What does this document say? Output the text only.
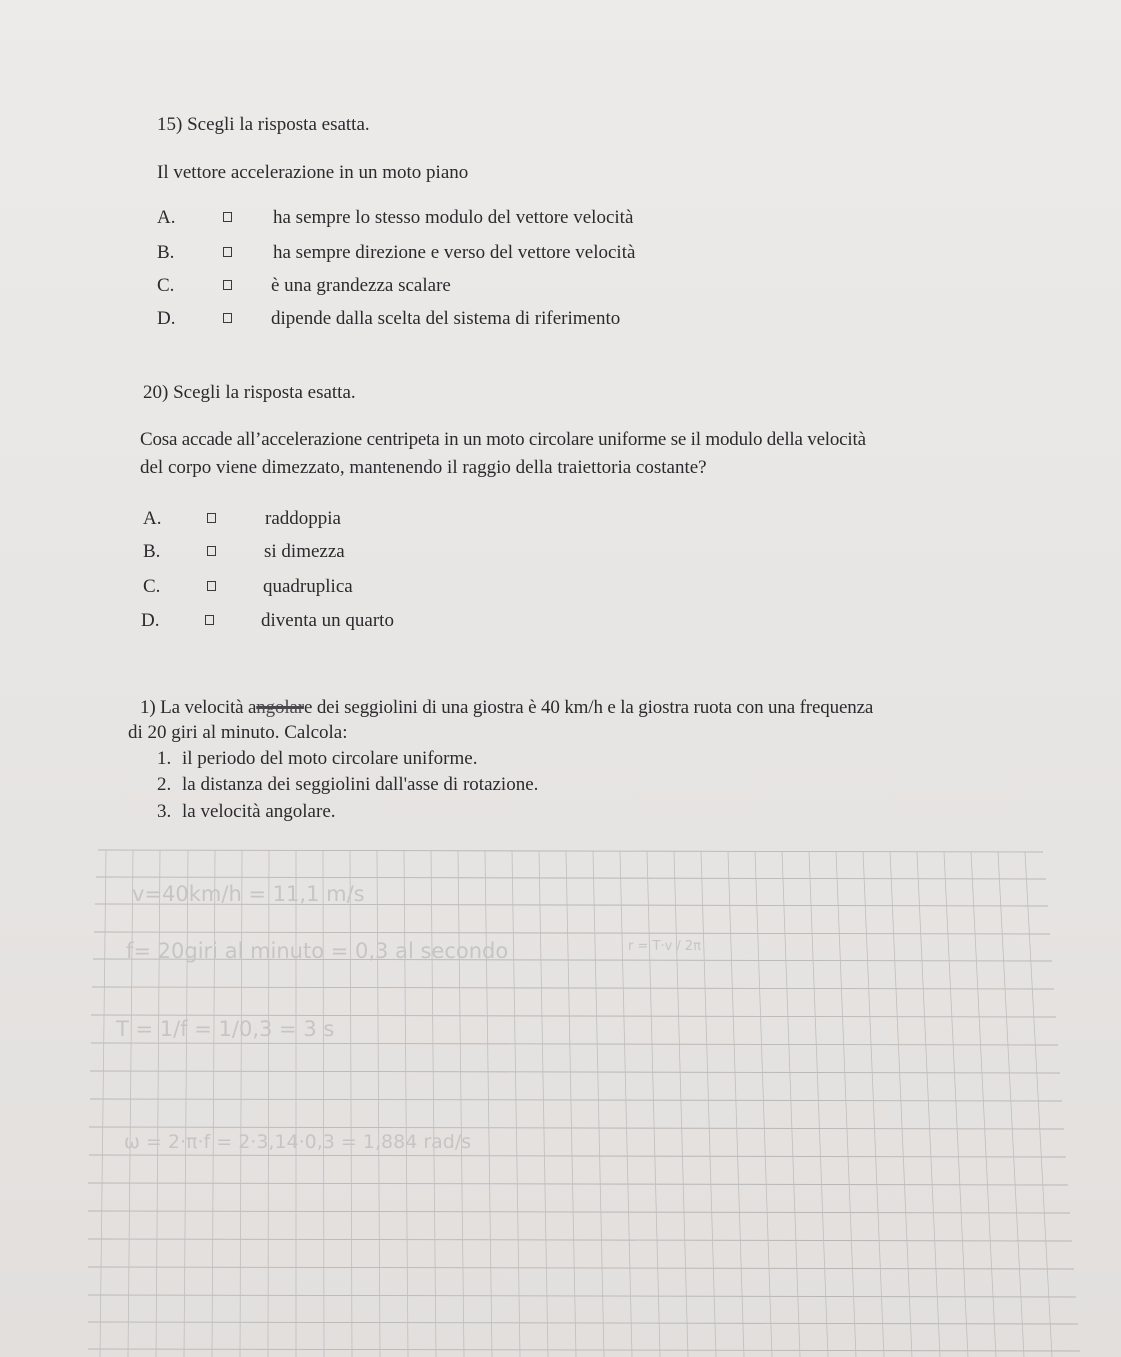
15) Scegli la risposta esatta.
Il vettore accelerazione in un moto piano
A.	ha sempre lo stesso modulo del vettore velocità
B.	ha sempre direzione e verso del vettore velocità
C.	è una grandezza scalare
D.	dipende dalla scelta del sistema di riferimento
20) Scegli la risposta esatta.
Cosa accade all’accelerazione centripeta in un moto circolare uniforme se il modulo della velocità
del corpo viene dimezzato, mantenendo il raggio della traiettoria costante?
A.	raddoppia
B.	si dimezza
C.	quadruplica
D.	diventa un quarto
1) La velocità angolare dei seggiolini di una giostra è 40 km/h e la giostra ruota con una frequenza
di 20 giri al minuto. Calcola:
1. il periodo del moto circolare uniforme.
2. la distanza dei seggiolini dall'asse di rotazione.
3. la velocità angolare.
v=40km/h = 11,1 m/s
f= 20giri al minuto = 0,3 al secondo	r = T·v / 2π
T = 1/f = 1/0,3 = 3 s
ω = 2·π·f = 2·3,14·0,3 = 1,884 rad/s
